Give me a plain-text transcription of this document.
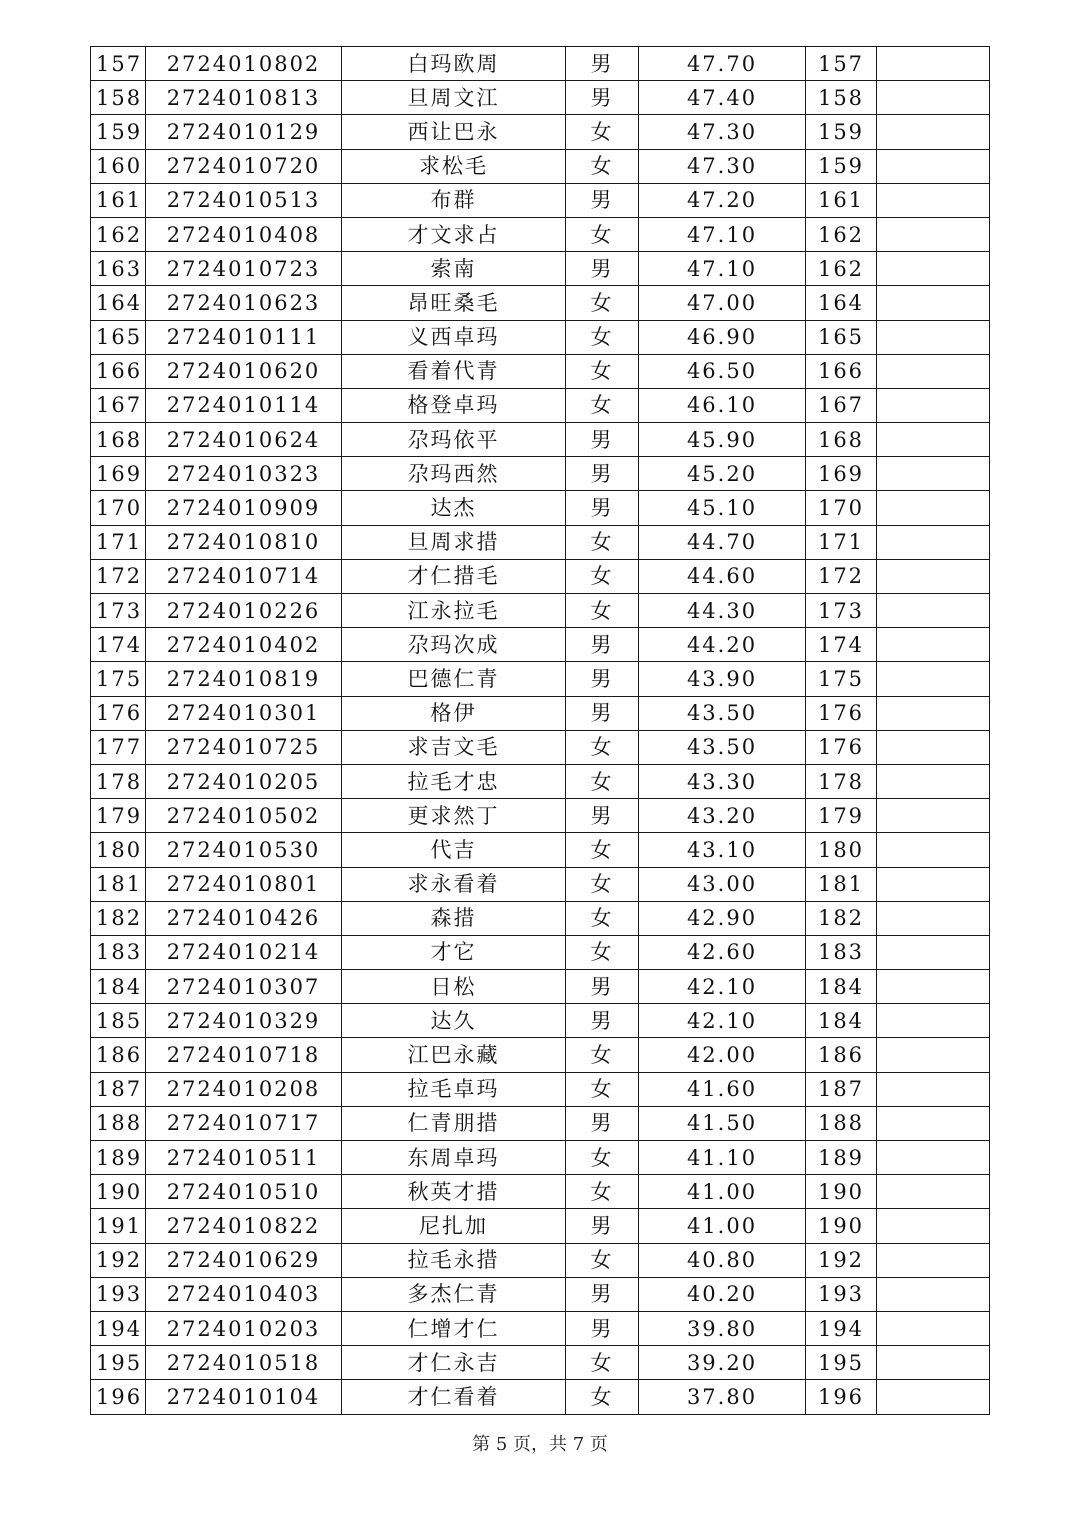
157	2724010802	白玛欧周	男	47.70	157	
158	2724010813	旦周文江	男	47.40	158	
159	2724010129	西让巴永	女	47.30	159	
160	2724010720	求松毛	女	47.30	159	
161	2724010513	布群	男	47.20	161	
162	2724010408	才文求占	女	47.10	162	
163	2724010723	索南	男	47.10	162	
164	2724010623	昂旺桑毛	女	47.00	164	
165	2724010111	义西卓玛	女	46.90	165	
166	2724010620	看着代青	女	46.50	166	
167	2724010114	格登卓玛	女	46.10	167	
168	2724010624	尕玛依平	男	45.90	168	
169	2724010323	尕玛西然	男	45.20	169	
170	2724010909	达杰	男	45.10	170	
171	2724010810	旦周求措	女	44.70	171	
172	2724010714	才仁措毛	女	44.60	172	
173	2724010226	江永拉毛	女	44.30	173	
174	2724010402	尕玛次成	男	44.20	174	
175	2724010819	巴德仁青	男	43.90	175	
176	2724010301	格伊	男	43.50	176	
177	2724010725	求吉文毛	女	43.50	176	
178	2724010205	拉毛才忠	女	43.30	178	
179	2724010502	更求然丁	男	43.20	179	
180	2724010530	代吉	女	43.10	180	
181	2724010801	求永看着	女	43.00	181	
182	2724010426	森措	女	42.90	182	
183	2724010214	才它	女	42.60	183	
184	2724010307	日松	男	42.10	184	
185	2724010329	达久	男	42.10	184	
186	2724010718	江巴永藏	女	42.00	186	
187	2724010208	拉毛卓玛	女	41.60	187	
188	2724010717	仁青朋措	男	41.50	188	
189	2724010511	东周卓玛	女	41.10	189	
190	2724010510	秋英才措	女	41.00	190	
191	2724010822	尼扎加	男	41.00	190	
192	2724010629	拉毛永措	女	40.80	192	
193	2724010403	多杰仁青	男	40.20	193	
194	2724010203	仁增才仁	男	39.80	194	
195	2724010518	才仁永吉	女	39.20	195	
196	2724010104	才仁看着	女	37.80	196	
第 5 页，共 7 页
